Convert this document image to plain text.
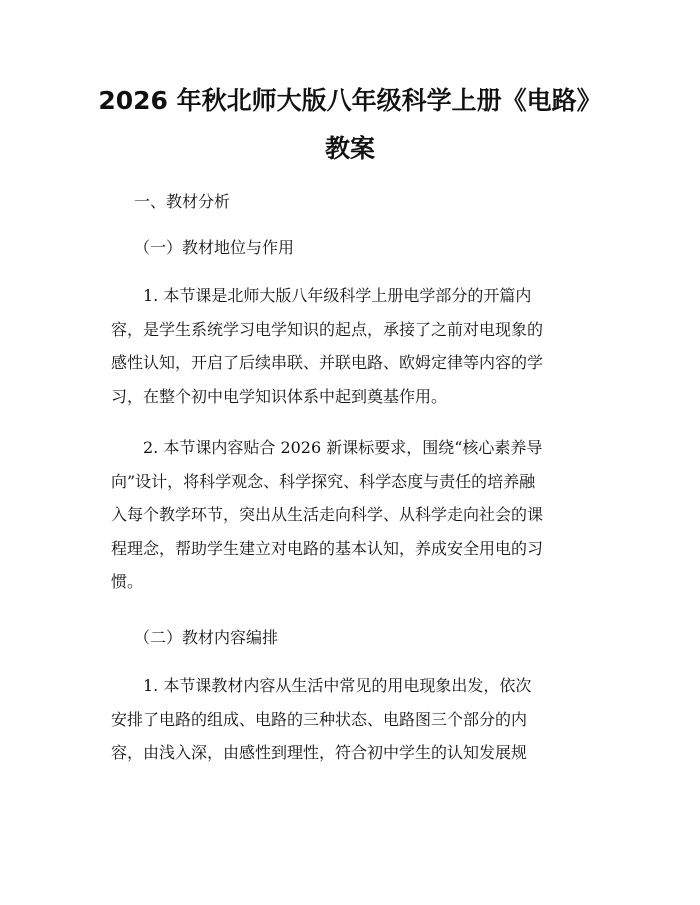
2026 年秋北师大版八年级科学上册《电路》
教案

一、教材分析

（一）教材地位与作用

1. 本节课是北师大版八年级科学上册电学部分的开篇内
容，是学生系统学习电学知识的起点，承接了之前对电现象的
感性认知，开启了后续串联、并联电路、欧姆定律等内容的学
习，在整个初中电学知识体系中起到奠基作用。
2. 本节课内容贴合 2026 新课标要求，围绕“核心素养导
向”设计，将科学观念、科学探究、科学态度与责任的培养融
入每个教学环节，突出从生活走向科学、从科学走向社会的课
程理念，帮助学生建立对电路的基本认知，养成安全用电的习
惯。

（二）教材内容编排

1. 本节课教材内容从生活中常见的用电现象出发，依次
安排了电路的组成、电路的三种状态、电路图三个部分的内
容，由浅入深，由感性到理性，符合初中学生的认知发展规
